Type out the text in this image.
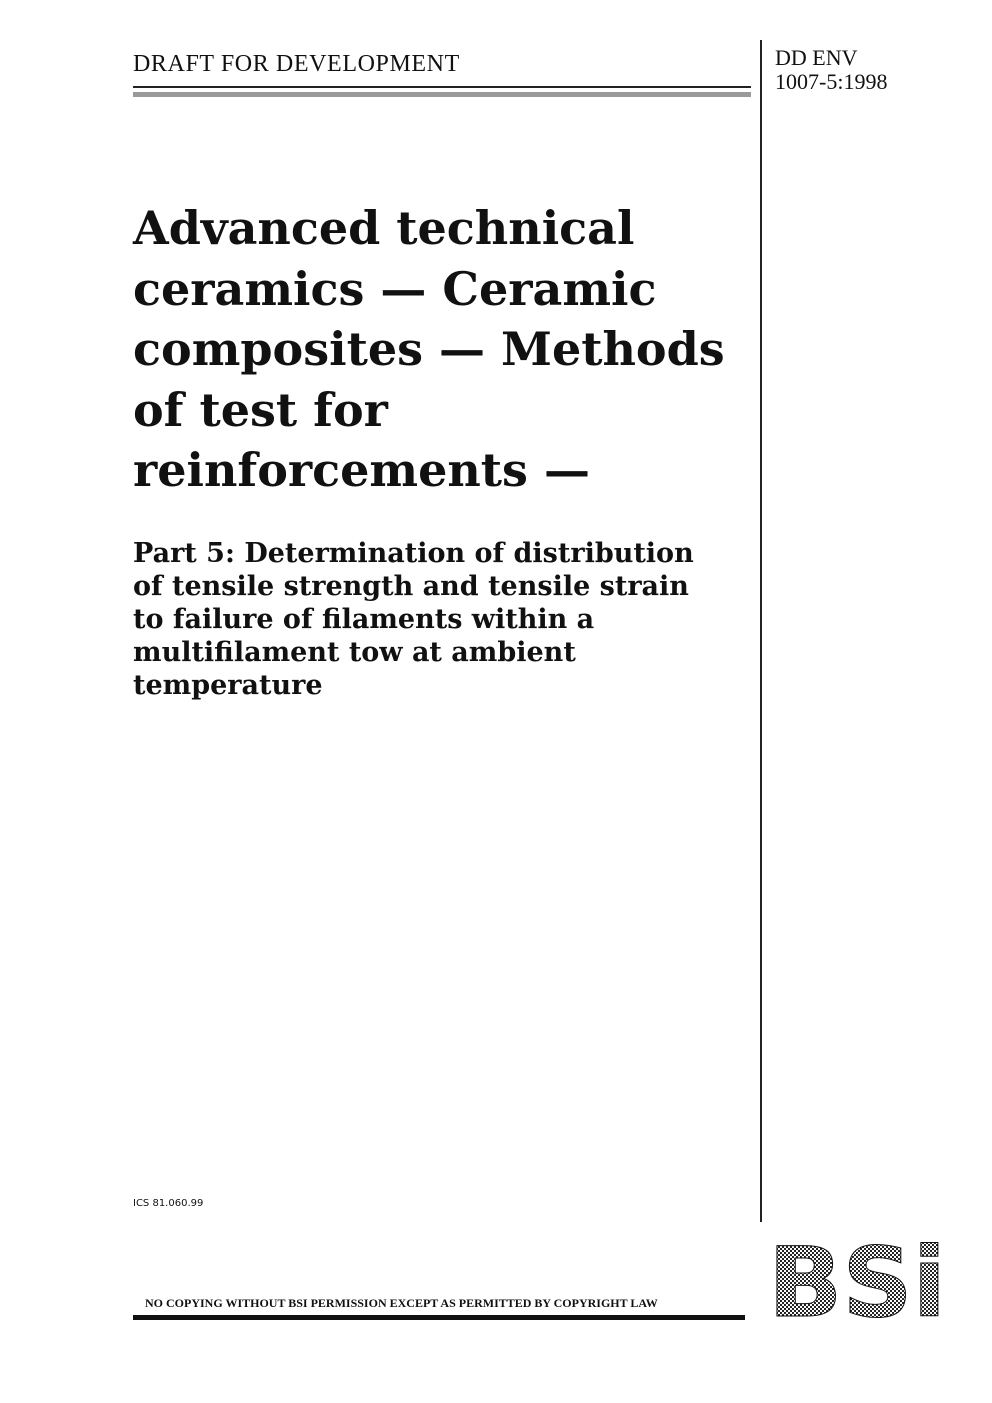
DRAFT FOR DEVELOPMENT	DD ENV
1007-5:1998
Advanced technical
ceramics — Ceramic
composites — Methods
of test for
reinforcements —
Part 5: Determination of distribution
of tensile strength and tensile strain
to failure of filaments within a
multifilament tow at ambient
temperature
ICS 81.060.99
NO COPYING WITHOUT BSI PERMISSION EXCEPT AS PERMITTED BY COPYRIGHT LAW BSi
